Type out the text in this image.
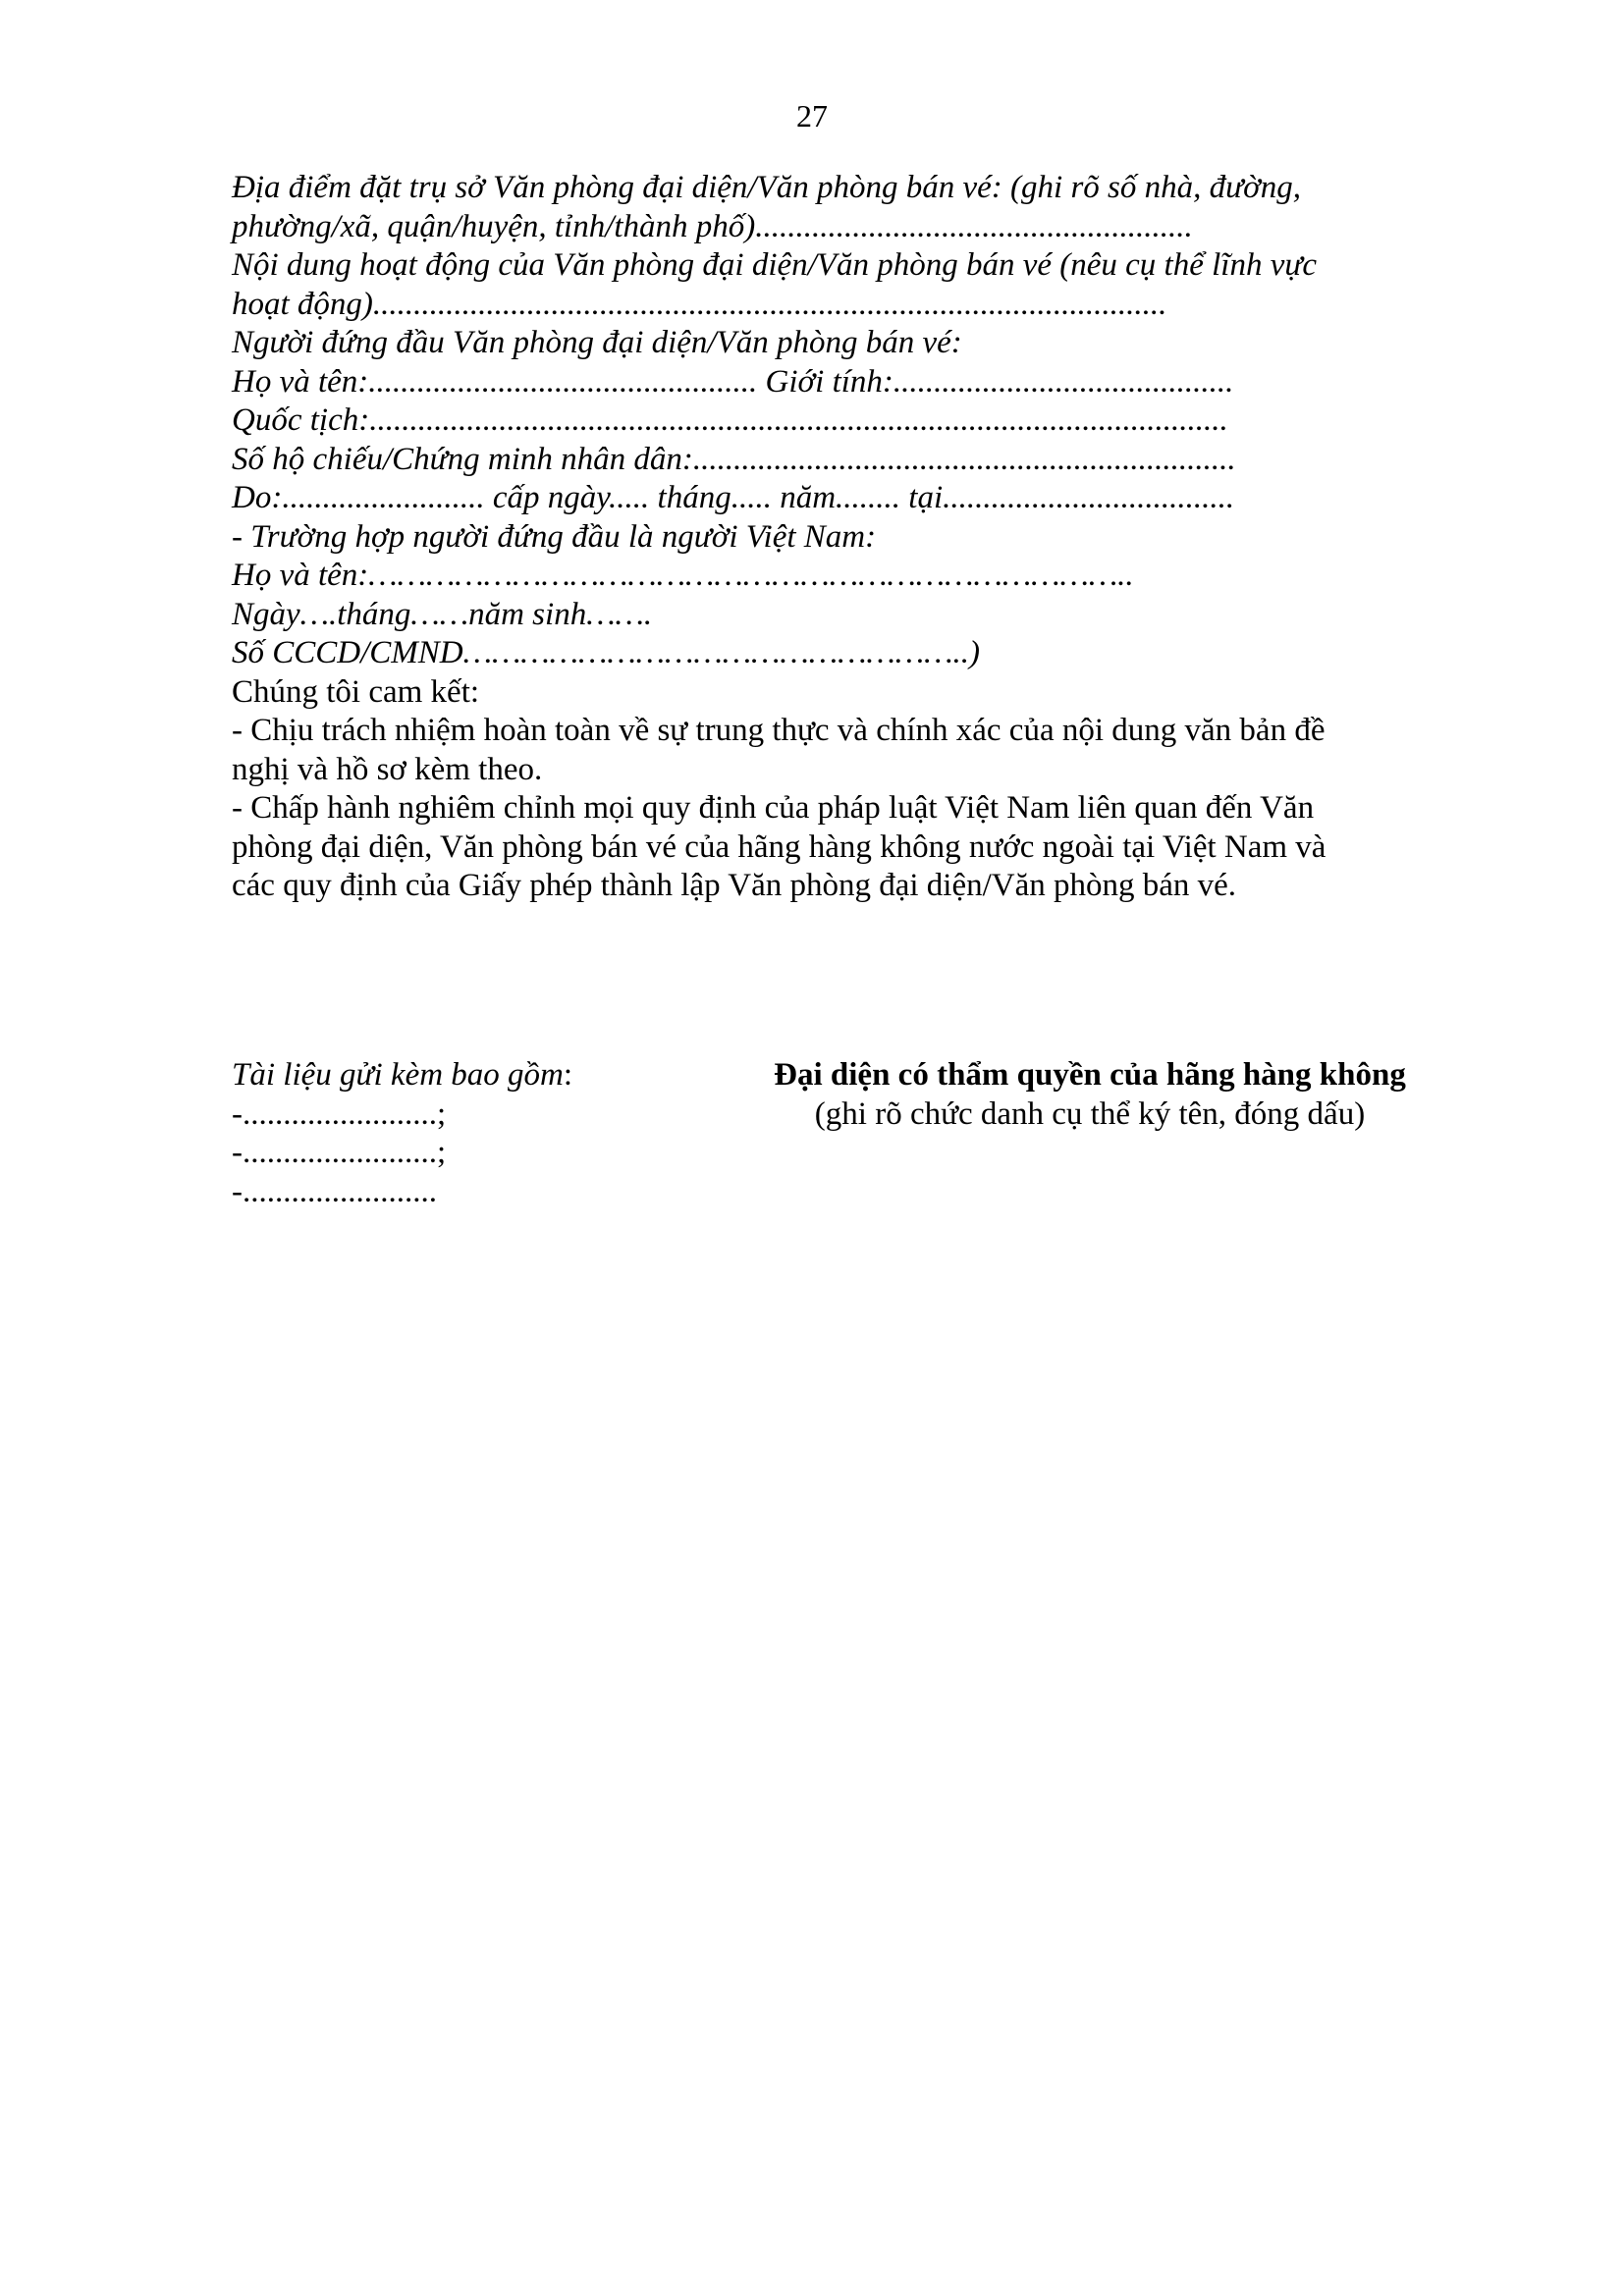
27
Địa điểm đặt trụ sở Văn phòng đại diện/Văn phòng bán vé: (ghi rõ số nhà, đường,
phường/xã, quận/huyện, tỉnh/thành phố)......................................................
Nội dung hoạt động của Văn phòng đại diện/Văn phòng bán vé (nêu cụ thể lĩnh vực
hoạt động)..................................................................................................
Người đứng đầu Văn phòng đại diện/Văn phòng bán vé:
Họ và tên:................................................ Giới tính:..........................................
Quốc tịch:..........................................................................................................
Số hộ chiếu/Chứng minh nhân dân:...................................................................
Do:......................... cấp ngày..... tháng..... năm........ tại....................................
- Trường hợp người đứng đầu là người Việt Nam:
Họ và tên:……………………………………………………………………..
Ngày….tháng……năm sinh…….
Số CCCD/CMND……………………………………………..)
Chúng tôi cam kết:
- Chịu trách nhiệm hoàn toàn về sự trung thực và chính xác của nội dung văn bản đề
nghị và hồ sơ kèm theo.
- Chấp hành nghiêm chỉnh mọi quy định của pháp luật Việt Nam liên quan đến Văn
phòng đại diện, Văn phòng bán vé của hãng hàng không nước ngoài tại Việt Nam và
các quy định của Giấy phép thành lập Văn phòng đại diện/Văn phòng bán vé.
Tài liệu gửi kèm bao gồm:
-........................;
-........................;
-........................
Đại diện có thẩm quyền của hãng hàng không
(ghi rõ chức danh cụ thể ký tên, đóng dấu)
